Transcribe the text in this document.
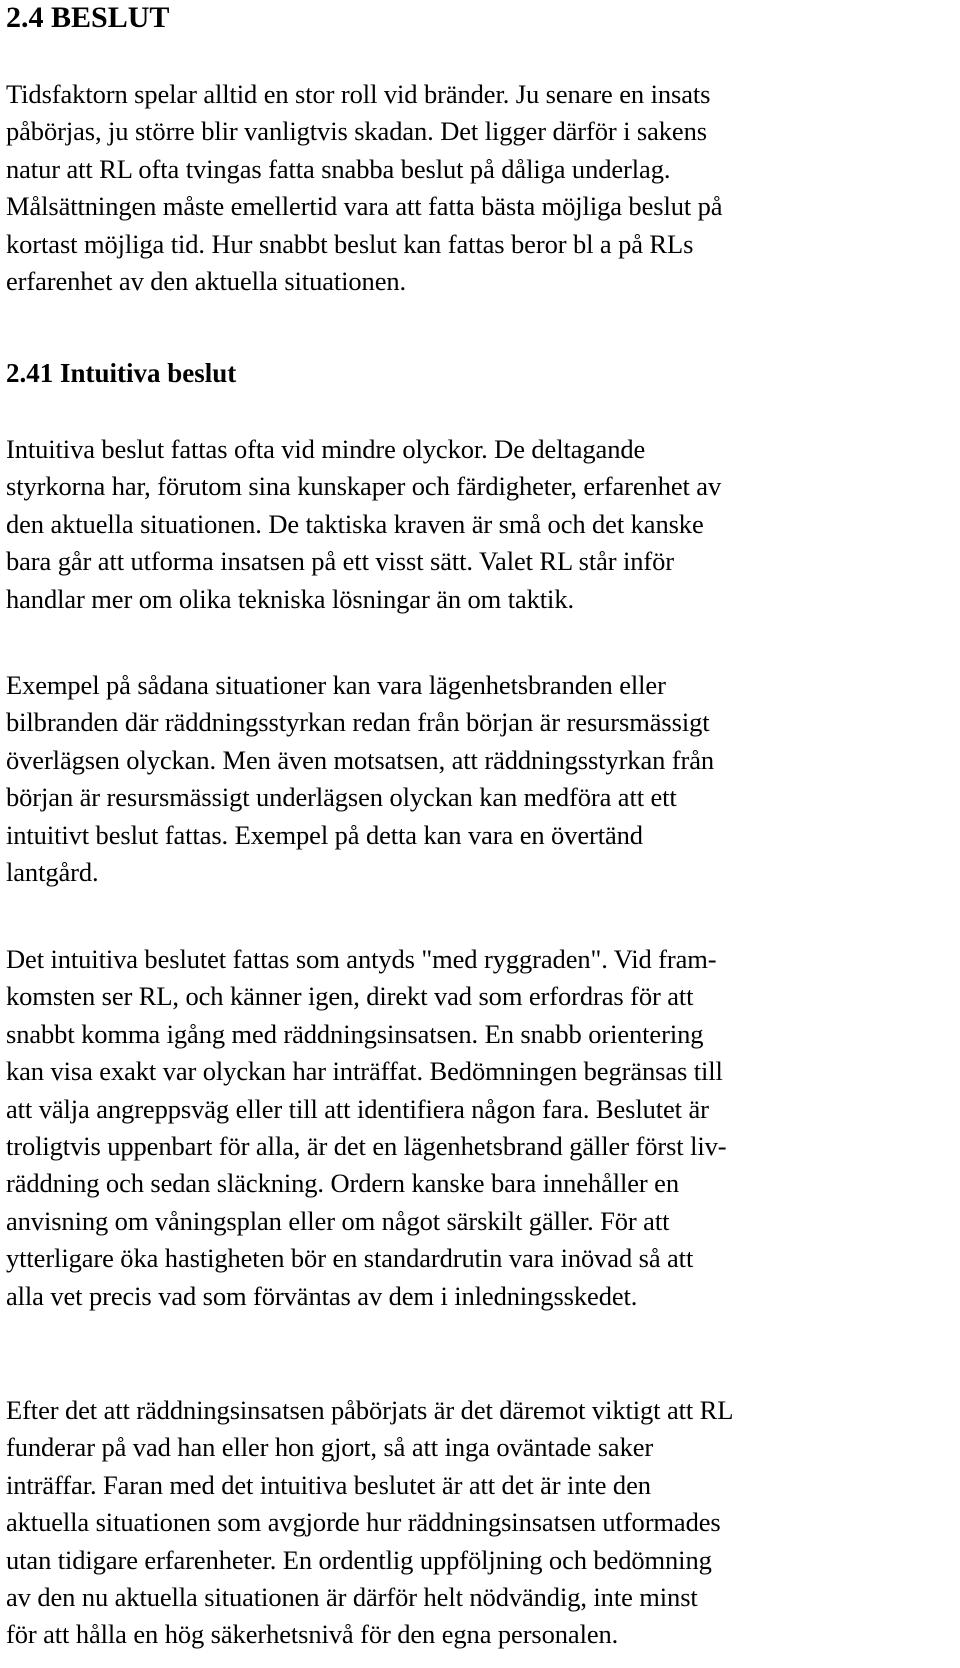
2.4 BESLUT

Tidsfaktorn spelar alltid en stor roll vid bränder. Ju senare en insats
påbörjas, ju större blir vanligtvis skadan. Det ligger därför i sakens
natur att RL ofta tvingas fatta snabba beslut på dåliga underlag.
Målsättningen måste emellertid vara att fatta bästa möjliga beslut på
kortast möjliga tid. Hur snabbt beslut kan fattas beror bl a på RLs
erfarenhet av den aktuella situationen.

2.41 Intuitiva beslut

Intuitiva beslut fattas ofta vid mindre olyckor. De deltagande
styrkorna har, förutom sina kunskaper och färdigheter, erfarenhet av
den aktuella situationen. De taktiska kraven är små och det kanske
bara går att utforma insatsen på ett visst sätt. Valet RL står inför
handlar mer om olika tekniska lösningar än om taktik.

Exempel på sådana situationer kan vara lägenhetsbranden eller
bilbranden där räddningsstyrkan redan från början är resursmässigt
överlägsen olyckan. Men även motsatsen, att räddningsstyrkan från
början är resursmässigt underlägsen olyckan kan medföra att ett
intuitivt beslut fattas. Exempel på detta kan vara en övertänd
lantgård.

Det intuitiva beslutet fattas som antyds "med ryggraden". Vid fram-
komsten ser RL, och känner igen, direkt vad som erfordras för att
snabbt komma igång med räddningsinsatsen. En snabb orientering
kan visa exakt var olyckan har inträffat. Bedömningen begränsas till
att välja angreppsväg eller till att identifiera någon fara. Beslutet är
troligtvis uppenbart för alla, är det en lägenhetsbrand gäller först liv-
räddning och sedan släckning. Ordern kanske bara innehåller en
anvisning om våningsplan eller om något särskilt gäller. För att
ytterligare öka hastigheten bör en standardrutin vara inövad så att
alla vet precis vad som förväntas av dem i inledningsskedet.

Efter det att räddningsinsatsen påbörjats är det däremot viktigt att RL
funderar på vad han eller hon gjort, så att inga oväntade saker
inträffar. Faran med det intuitiva beslutet är att det är inte den
aktuella situationen som avgjorde hur räddningsinsatsen utformades
utan tidigare erfarenheter. En ordentlig uppföljning och bedömning
av den nu aktuella situationen är därför helt nödvändig, inte minst
för att hålla en hög säkerhetsnivå för den egna personalen.
